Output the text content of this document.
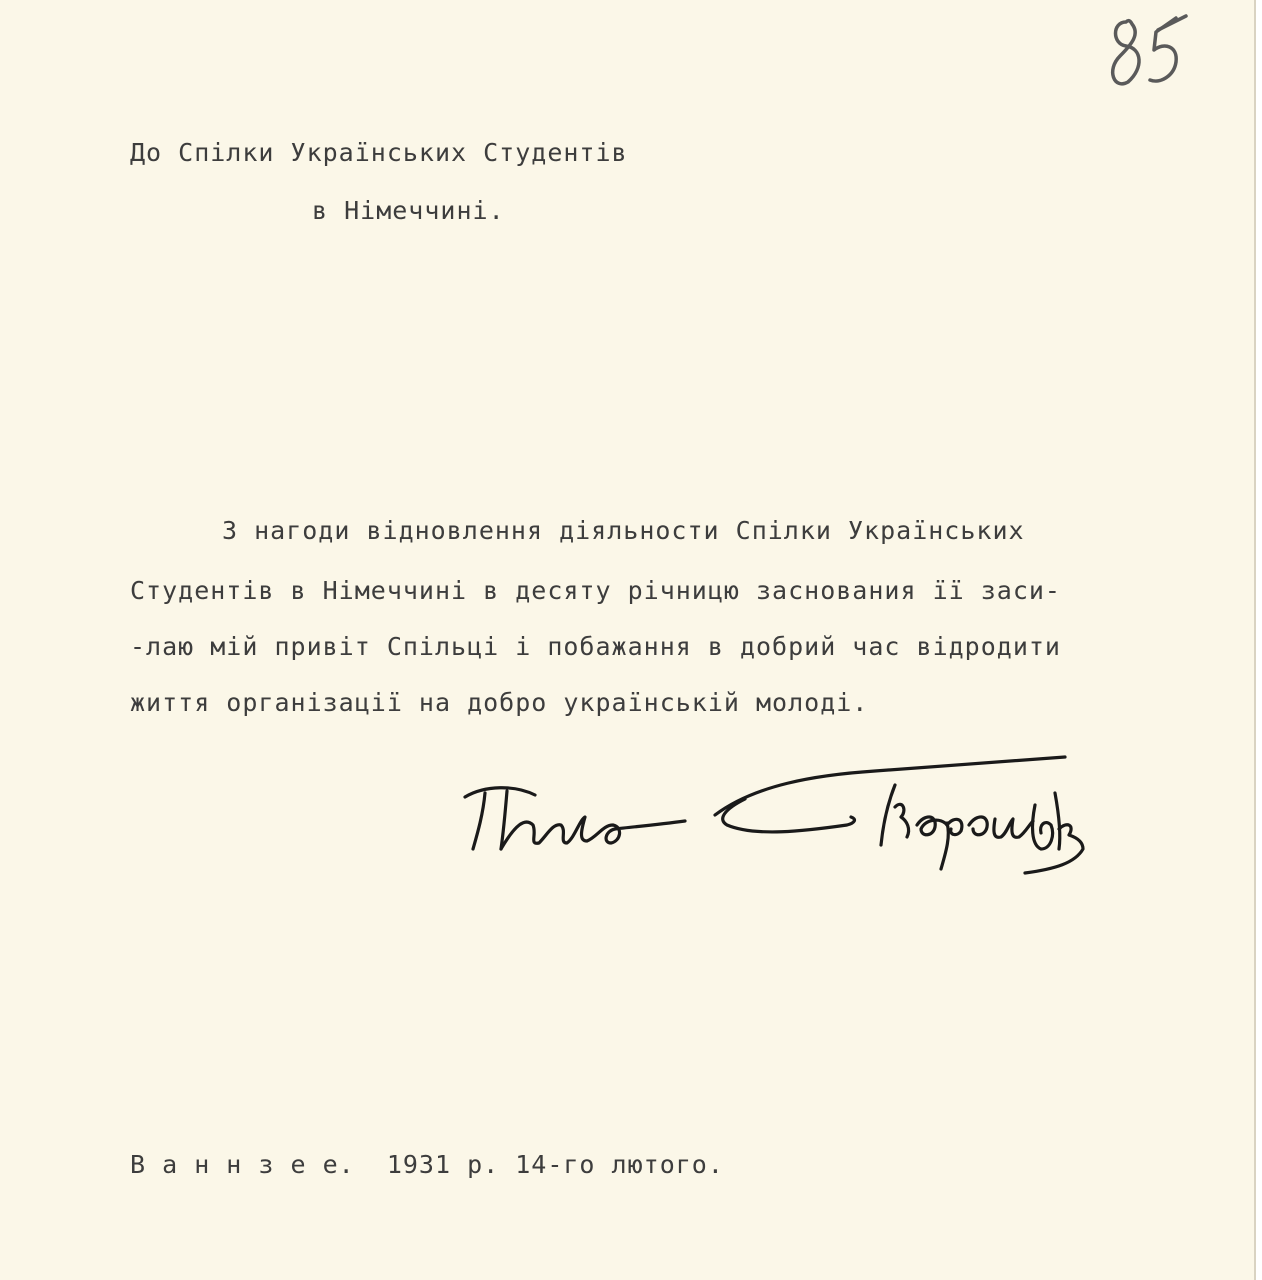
До Спілки Українських Студентів

в Німеччині.

З нагоди відновлення діяльности Спілки Українських

Студентів в Німеччині в десяту річницю заснования її заси-

-лаю мій привіт Спільці і побажання в добрий час відродити

життя організації на добро українській молоді.

В а н н з е е.  1931 р. 14-го лютого.
